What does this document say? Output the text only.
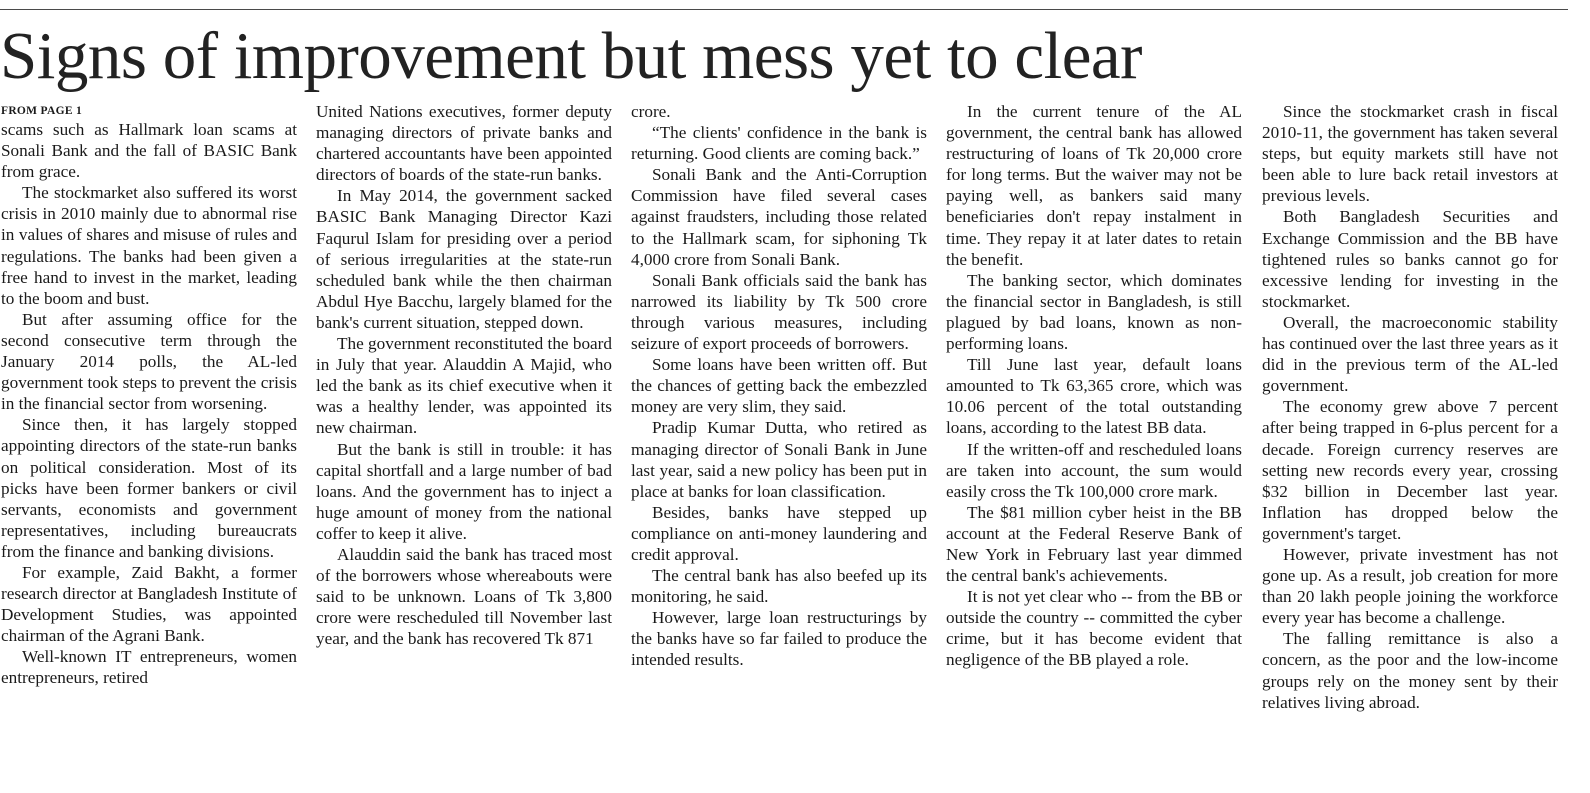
Signs of improvement but mess yet to clear
FROM PAGE 1

scams such as Hallmark loan scams at Sonali Bank and the fall of BASIC Bank from grace.

The stockmarket also suffered its worst crisis in 2010 mainly due to abnormal rise in values of shares and misuse of rules and regulations. The banks had been given a free hand to invest in the market, leading to the boom and bust.

But after assuming office for the second consecutive term through the January 2014 polls, the AL-led government took steps to prevent the crisis in the financial sector from worsening.

Since then, it has largely stopped appointing directors of the state-run banks on political consideration. Most of its picks have been former bankers or civil servants, economists and government representatives, including bureaucrats from the finance and banking divisions.

For example, Zaid Bakht, a former research director at Bangladesh Institute of Development Studies, was appointed chairman of the Agrani Bank.

Well-known IT entrepreneurs, women entrepreneurs, retired

United Nations executives, former deputy managing directors of private banks and chartered accountants have been appointed directors of boards of the state-run banks.

In May 2014, the government sacked BASIC Bank Managing Director Kazi Faqurul Islam for presiding over a period of serious irregularities at the state-run scheduled bank while the then chairman Abdul Hye Bacchu, largely blamed for the bank's current situation, stepped down.

The government reconstituted the board in July that year. Alauddin A Majid, who led the bank as its chief executive when it was a healthy lender, was appointed its new chairman.

But the bank is still in trouble: it has capital shortfall and a large number of bad loans. And the government has to inject a huge amount of money from the national coffer to keep it alive.

Alauddin said the bank has traced most of the borrowers whose whereabouts were said to be unknown. Loans of Tk 3,800 crore were rescheduled till November last year, and the bank has recovered Tk 871

crore.

“The clients' confidence in the bank is returning. Good clients are coming back.”

Sonali Bank and the Anti-Corruption Commission have filed several cases against fraudsters, including those related to the Hallmark scam, for siphoning Tk 4,000 crore from Sonali Bank.

Sonali Bank officials said the bank has narrowed its liability by Tk 500 crore through various measures, including seizure of export proceeds of borrowers.

Some loans have been written off. But the chances of getting back the embezzled money are very slim, they said.

Pradip Kumar Dutta, who retired as managing director of Sonali Bank in June last year, said a new policy has been put in place at banks for loan classification.

Besides, banks have stepped up compliance on anti-money laundering and credit approval.

The central bank has also beefed up its monitoring, he said.

However, large loan restructurings by the banks have so far failed to produce the intended results.

In the current tenure of the AL government, the central bank has allowed restructuring of loans of Tk 20,000 crore for long terms. But the waiver may not be paying well, as bankers said many beneficiaries don't repay instalment in time. They repay it at later dates to retain the benefit.

The banking sector, which dominates the financial sector in Bangladesh, is still plagued by bad loans, known as non-performing loans.

Till June last year, default loans amounted to Tk 63,365 crore, which was 10.06 percent of the total outstanding loans, according to the latest BB data.

If the written-off and rescheduled loans are taken into account, the sum would easily cross the Tk 100,000 crore mark.

The $81 million cyber heist in the BB account at the Federal Reserve Bank of New York in February last year dimmed the central bank's achievements.

It is not yet clear who -- from the BB or outside the country -- committed the cyber crime, but it has become evident that negligence of the BB played a role.

Since the stockmarket crash in fiscal 2010-11, the government has taken several steps, but equity markets still have not been able to lure back retail investors at previous levels.

Both Bangladesh Securities and Exchange Commission and the BB have tightened rules so banks cannot go for excessive lending for investing in the stockmarket.

Overall, the macroeconomic stability has continued over the last three years as it did in the previous term of the AL-led government.

The economy grew above 7 percent after being trapped in 6-plus percent for a decade. Foreign currency reserves are setting new records every year, crossing $32 billion in December last year. Inflation has dropped below the government's target.

However, private investment has not gone up. As a result, job creation for more than 20 lakh people joining the workforce every year has become a challenge.

The falling remittance is also a concern, as the poor and the low-income groups rely on the money sent by their relatives living abroad.
